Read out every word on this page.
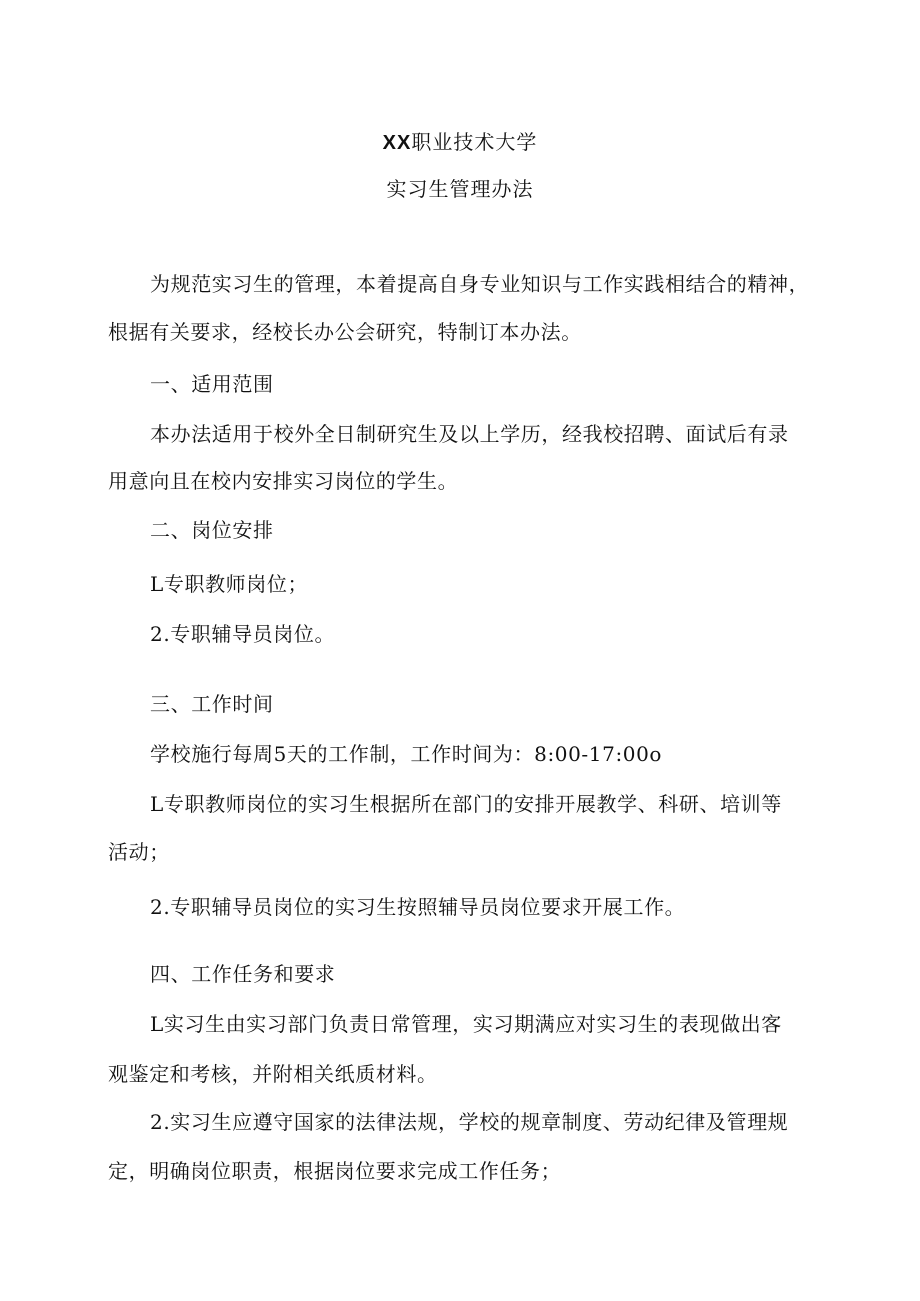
XX职业技术大学
实习生管理办法
为规范实习生的管理，本着提高自身专业知识与工作实践相结合的精神，
根据有关要求，经校长办公会研究，特制订本办法。
一、适用范围
本办法适用于校外全日制研究生及以上学历，经我校招聘、面试后有录
用意向且在校内安排实习岗位的学生。
二、岗位安排
L专职教师岗位；
2.专职辅导员岗位。
三、工作时间
学校施行每周5天的工作制，工作时间为：8:00-17:00o
L专职教师岗位的实习生根据所在部门的安排开展教学、科研、培训等
活动；
2.专职辅导员岗位的实习生按照辅导员岗位要求开展工作。
四、工作任务和要求
L实习生由实习部门负责日常管理，实习期满应对实习生的表现做出客
观鉴定和考核，并附相关纸质材料。
2.实习生应遵守国家的法律法规，学校的规章制度、劳动纪律及管理规
定，明确岗位职责，根据岗位要求完成工作任务；
